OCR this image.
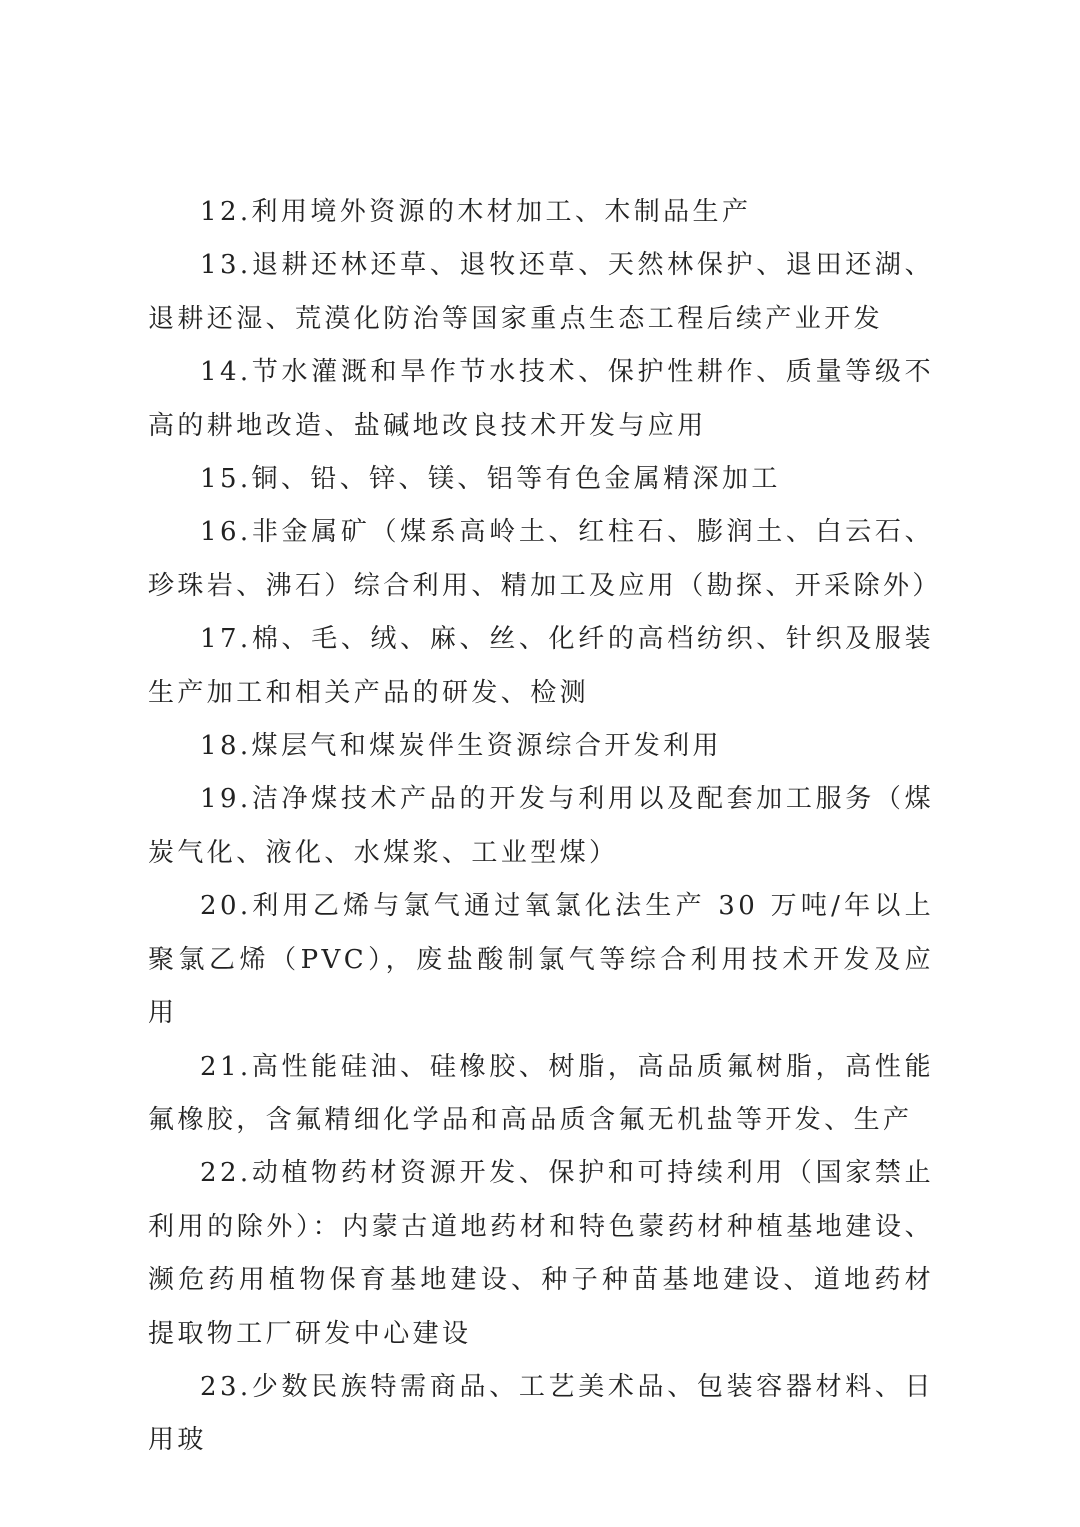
12.利用境外资源的木材加工、木制品生产

13.退耕还林还草、退牧还草、天然林保护、退田还湖、退耕还湿、荒漠化防治等国家重点生态工程后续产业开发

14.节水灌溉和旱作节水技术、保护性耕作、质量等级不高的耕地改造、盐碱地改良技术开发与应用

15.铜、铅、锌、镁、铝等有色金属精深加工

16.非金属矿（煤系高岭土、红柱石、膨润土、白云石、珍珠岩、沸石）综合利用、精加工及应用（勘探、开采除外）

17.棉、毛、绒、麻、丝、化纤的高档纺织、针织及服装生产加工和相关产品的研发、检测

18.煤层气和煤炭伴生资源综合开发利用

19.洁净煤技术产品的开发与利用以及配套加工服务（煤炭气化、液化、水煤浆、工业型煤）

20.利用乙烯与氯气通过氧氯化法生产 30 万吨/年以上聚氯乙烯（PVC），废盐酸制氯气等综合利用技术开发及应用

21.高性能硅油、硅橡胶、树脂，高品质氟树脂，高性能氟橡胶，含氟精细化学品和高品质含氟无机盐等开发、生产

22.动植物药材资源开发、保护和可持续利用（国家禁止利用的除外）：内蒙古道地药材和特色蒙药材种植基地建设、濒危药用植物保育基地建设、种子种苗基地建设、道地药材提取物工厂研发中心建设

23.少数民族特需商品、工艺美术品、包装容器材料、日用玻
